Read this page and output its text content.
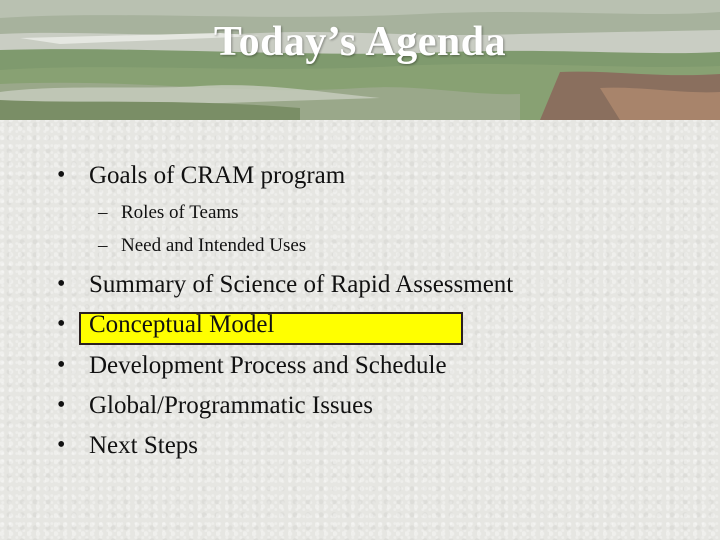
Today’s Agenda
• Goals of CRAM program
– Roles of Teams
– Need and Intended Uses
• Summary of Science of Rapid Assessment
• Conceptual Model
• Development Process and Schedule
• Global/Programmatic Issues
• Next Steps
